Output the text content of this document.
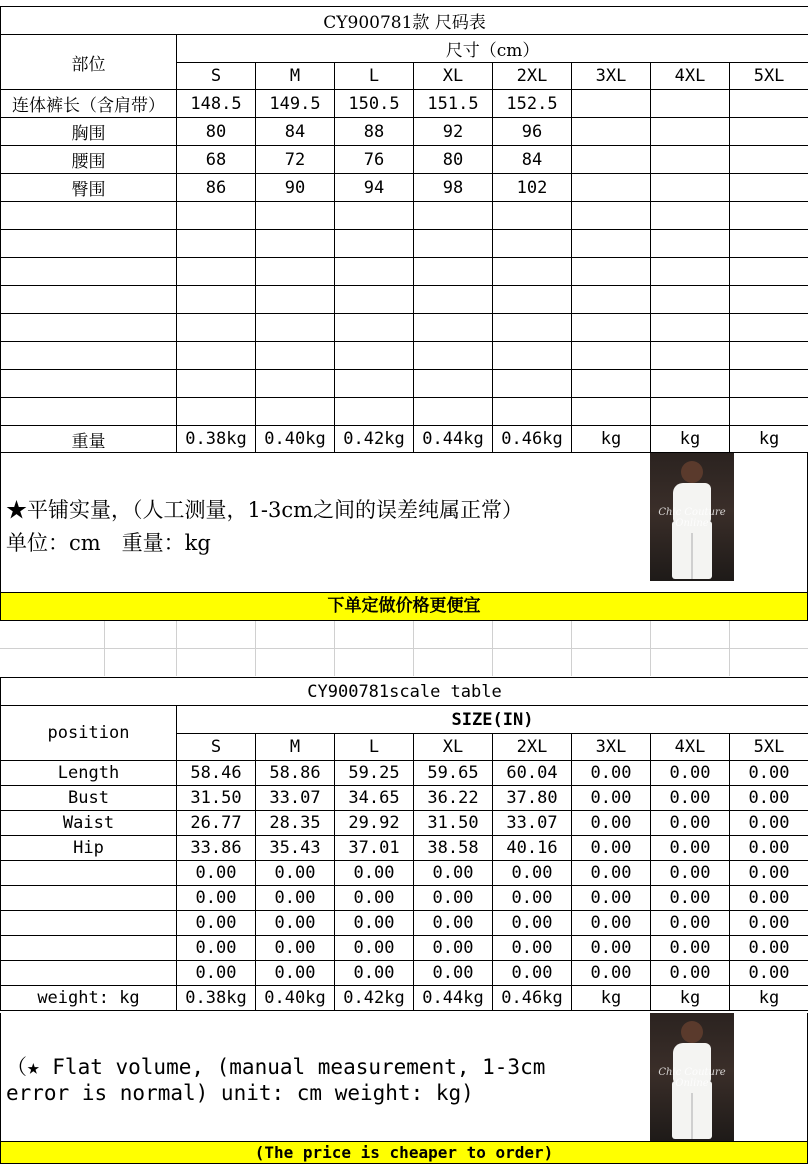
CY900781款 尺码表								
部位	尺寸（cm）							
	S	M	L	XL	2XL	3XL	4XL	5XL
连体裤长（含肩带）	148.5	149.5	150.5	151.5	152.5			
胸围	80	84	88	92	96			
腰围	68	72	76	80	84			
臀围	86	90	94	98	102			

重量	0.38kg	0.40kg	0.42kg	0.44kg	0.46kg	kg	kg	kg
★平铺实量，（人工测量，1-3cm之间的误差纯属正常）
单位：cm　重量：kg
Chic Couture Online
下单定做价格更便宜
CY900781scale table								
position	SIZE(IN)							
	S	M	L	XL	2XL	3XL	4XL	5XL
Length	58.46	58.86	59.25	59.65	60.04	0.00	0.00	0.00
Bust	31.50	33.07	34.65	36.22	37.80	0.00	0.00	0.00
Waist	26.77	28.35	29.92	31.50	33.07	0.00	0.00	0.00
Hip	33.86	35.43	37.01	38.58	40.16	0.00	0.00	0.00
	0.00	0.00	0.00	0.00	0.00	0.00	0.00	0.00
	0.00	0.00	0.00	0.00	0.00	0.00	0.00	0.00
	0.00	0.00	0.00	0.00	0.00	0.00	0.00	0.00
	0.00	0.00	0.00	0.00	0.00	0.00	0.00	0.00
	0.00	0.00	0.00	0.00	0.00	0.00	0.00	0.00
weight: kg	0.38kg	0.40kg	0.42kg	0.44kg	0.46kg	kg	kg	kg
（★ Flat volume, (manual measurement, 1-3cm
error is normal) unit: cm weight: kg)
Chic Couture Online
(The price is cheaper to order)
